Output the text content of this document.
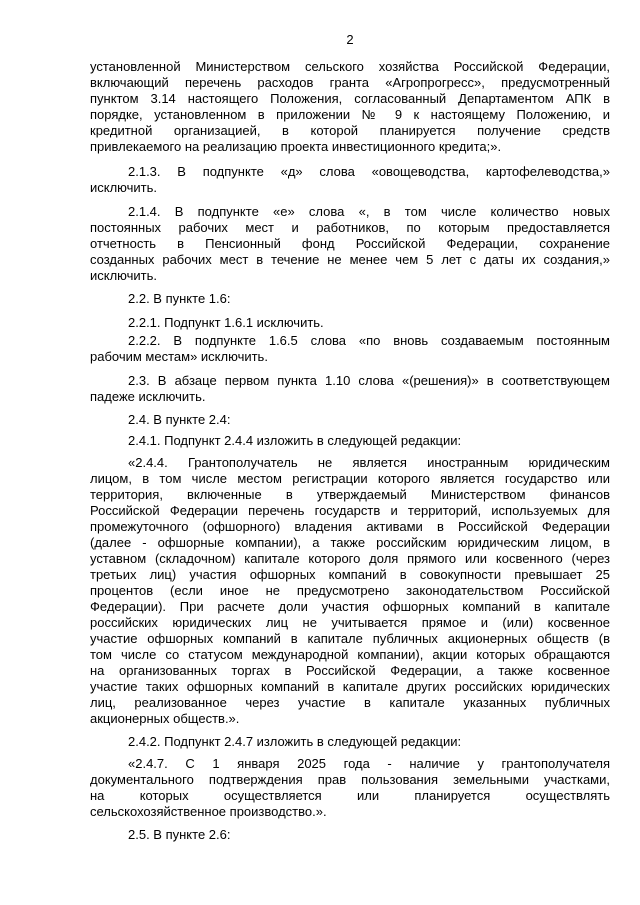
2
установленной Министерством сельского хозяйства Российской Федерации,
включающий перечень расходов гранта «Агропрогресс», предусмотренный
пунктом 3.14 настоящего Положения, согласованный Департаментом АПК в
порядке, установленном в приложении № 9 к настоящему Положению, и
кредитной организацией, в которой планируется получение средств
привлекаемого на реализацию проекта инвестиционного кредита;».
2.1.3. В подпункте «д» слова «овощеводства, картофелеводства,»
исключить.
2.1.4. В подпункте «е» слова «, в том числе количество новых
постоянных рабочих мест и работников, по которым предоставляется
отчетность в Пенсионный фонд Российской Федерации, сохранение
созданных рабочих мест в течение не менее чем 5 лет с даты их создания,»
исключить.
2.2. В пункте 1.6:
2.2.1. Подпункт 1.6.1 исключить.
2.2.2. В подпункте 1.6.5 слова «по вновь создаваемым постоянным
рабочим местам» исключить.
2.3. В абзаце первом пункта 1.10 слова «(решения)» в соответствующем
падеже исключить.
2.4. В пункте 2.4:
2.4.1. Подпункт 2.4.4 изложить в следующей редакции:
«2.4.4. Грантополучатель не является иностранным юридическим
лицом, в том числе местом регистрации которого является государство или
территория, включенные в утверждаемый Министерством финансов
Российской Федерации перечень государств и территорий, используемых для
промежуточного (офшорного) владения активами в Российской Федерации
(далее - офшорные компании), а также российским юридическим лицом, в
уставном (складочном) капитале которого доля прямого или косвенного (через
третьих лиц) участия офшорных компаний в совокупности превышает 25
процентов (если иное не предусмотрено законодательством Российской
Федерации). При расчете доли участия офшорных компаний в капитале
российских юридических лиц не учитывается прямое и (или) косвенное
участие офшорных компаний в капитале публичных акционерных обществ (в
том числе со статусом международной компании), акции которых обращаются
на организованных торгах в Российской Федерации, а также косвенное
участие таких офшорных компаний в капитале других российских юридических
лиц, реализованное через участие в капитале указанных публичных
акционерных обществ.».
2.4.2. Подпункт 2.4.7 изложить в следующей редакции:
«2.4.7. С 1 января 2025 года - наличие у грантополучателя
документального подтверждения прав пользования земельными участками,
на которых осуществляется или планируется осуществлять
сельскохозяйственное производство.».
2.5. В пункте 2.6:
